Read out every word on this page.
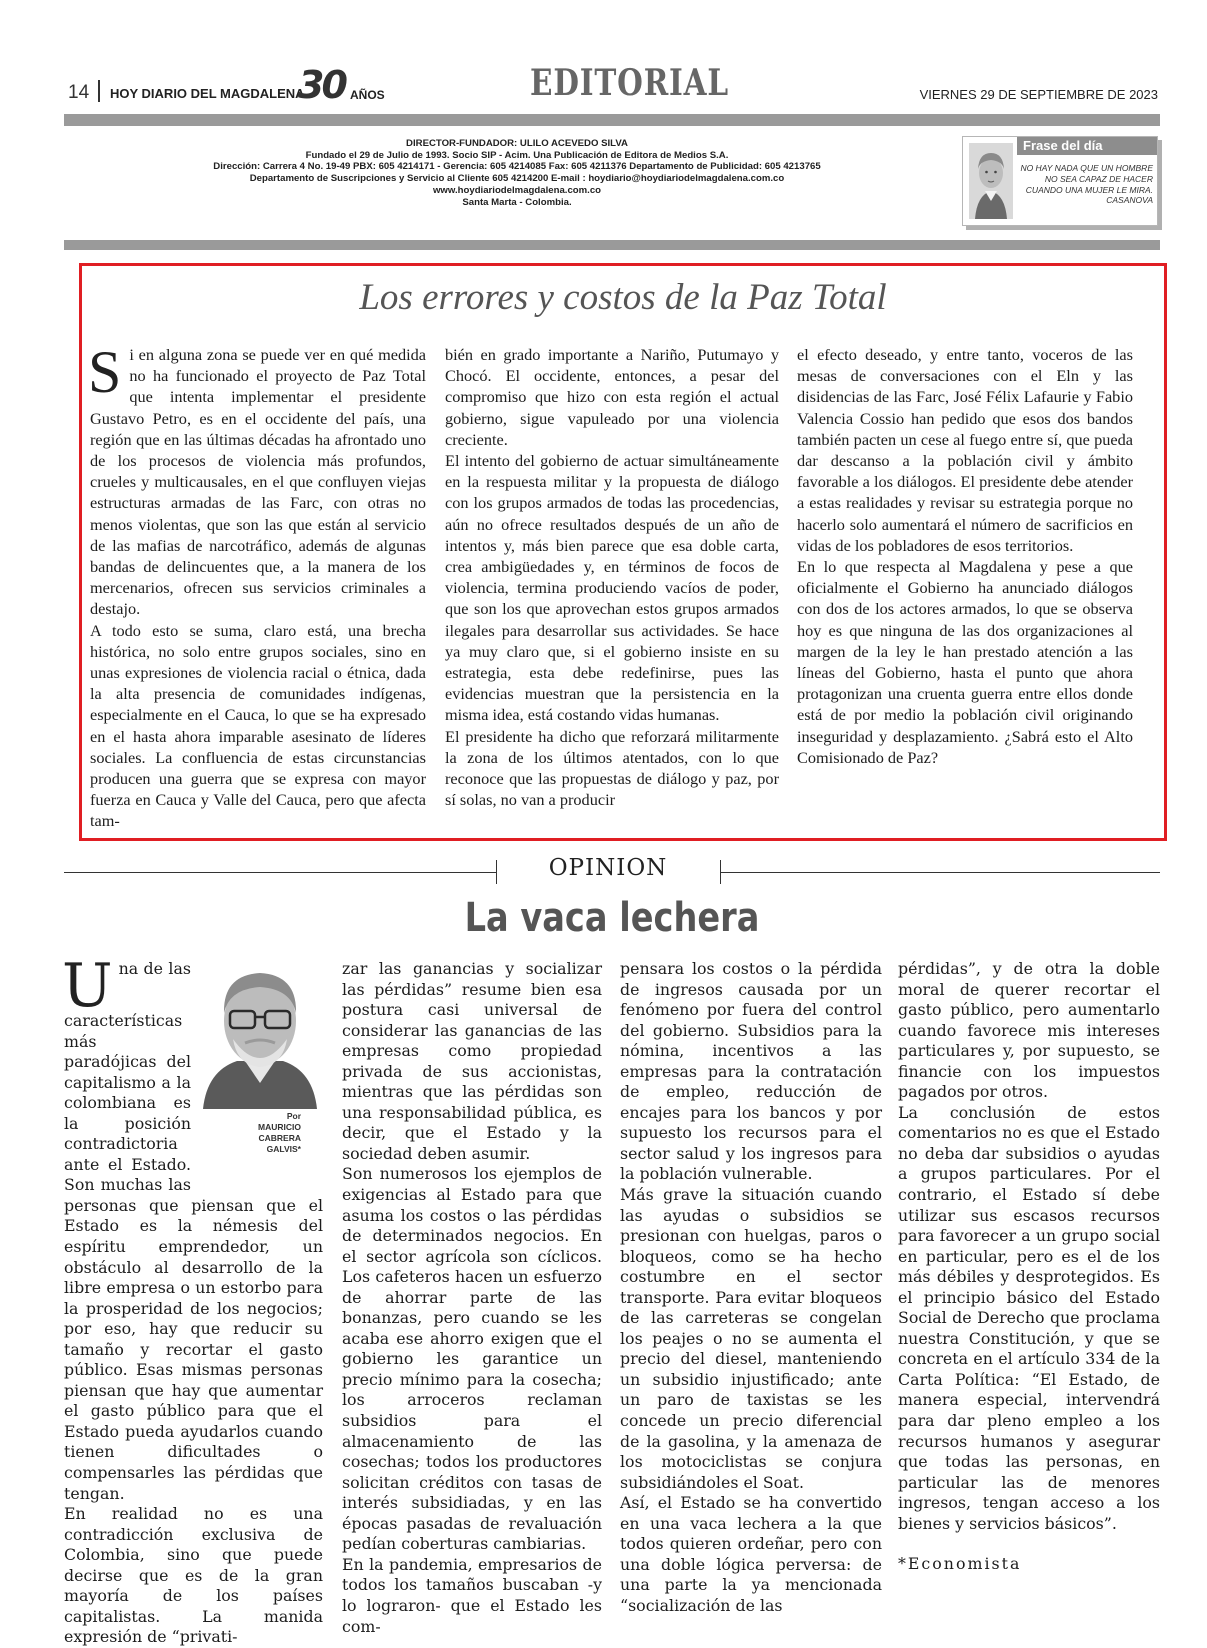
14 HOY DIARIO DEL MAGDALENA
30 AÑOS	EDITORIAL	VIERNES 29 DE SEPTIEMBRE DE 2023
DIRECTOR-FUNDADOR: ULILO ACEVEDO SILVA
Fundado el 29 de Julio de 1993. Socio SIP - Acim. Una Publicación de Editora de Medios S.A.
Dirección: Carrera 4 No. 19-49 PBX: 605 4214171 - Gerencia: 605 4214085 Fax: 605 4211376 Departamento de Publicidad: 605 4213765
Departamento de Suscripciones y Servicio al Cliente 605 4214200 E-mail : hoydiario@hoydiariodelmagdalena.com.co
www.hoydiariodelmagdalena.com.co
Santa Marta - Colombia.
Frase del día
NO HAY NADA QUE UN HOMBRE NO SEA CAPAZ DE HACER CUANDO UNA MUJER LE MIRA.
CASANOVA
Los errores y costos de la Paz Total

Si en alguna zona se puede ver en qué medida no ha funcionado el proyecto de Paz Total que intenta implementar el presidente Gustavo Petro, es en el occidente del país, una región que en las últimas décadas ha afrontado uno de los procesos de violencia más profundos, crueles y multicausales, en el que confluyen viejas estructuras armadas de las Farc, con otras no menos violentas, que son las que están al servicio de las mafias de narcotráfico, además de algunas bandas de delincuentes que, a la manera de los mercenarios, ofrecen sus servicios criminales a destajo.

A todo esto se suma, claro está, una brecha histórica, no solo entre grupos sociales, sino en unas expresiones de violencia racial o étnica, dada la alta presencia de comunidades indígenas, especialmente en el Cauca, lo que se ha expresado en el hasta ahora imparable asesinato de líderes sociales. La confluencia de estas circunstancias producen una guerra que se expresa con mayor fuerza en Cauca y Valle del Cauca, pero que afecta tam-

bién en grado importante a Nariño, Putumayo y Chocó. El occidente, entonces, a pesar del compromiso que hizo con esta región el actual gobierno, sigue vapuleado por una violencia creciente.

El intento del gobierno de actuar simultáneamente en la respuesta militar y la propuesta de diálogo con los grupos armados de todas las procedencias, aún no ofrece resultados después de un año de intentos y, más bien parece que esa doble carta, crea ambigüedades y, en términos de focos de violencia, termina produciendo vacíos de poder, que son los que aprovechan estos grupos armados ilegales para desarrollar sus actividades. Se hace ya muy claro que, si el gobierno insiste en su estrategia, esta debe redefinirse, pues las evidencias muestran que la persistencia en la misma idea, está costando vidas humanas.

El presidente ha dicho que reforzará militarmente la zona de los últimos atentados, con lo que reconoce que las propuestas de diálogo y paz, por sí solas, no van a producir

el efecto deseado, y entre tanto, voceros de las mesas de conversaciones con el Eln y las disidencias de las Farc, José Félix Lafaurie y Fabio Valencia Cossio han pedido que esos dos bandos también pacten un cese al fuego entre sí, que pueda dar descanso a la población civil y ámbito favorable a los diálogos. El presidente debe atender a estas realidades y revisar su estrategia porque no hacerlo solo aumentará el número de sacrificios en vidas de los pobladores de esos territorios.

En lo que respecta al Magdalena y pese a que oficialmente el Gobierno ha anunciado diálogos con dos de los actores armados, lo que se observa hoy es que ninguna de las dos organizaciones al margen de la ley le han prestado atención a las líneas del Gobierno, hasta el punto que ahora protagonizan una cruenta guerra entre ellos donde está de por medio la población civil originando inseguridad y desplazamiento. ¿Sabrá esto el Alto Comisionado de Paz?

OPINION
La vaca lechera
Por
MAURICIO
CABRERA
GALVIS*

Una de las características más paradójicas del capitalismo a la colombiana es la posición contradictoria ante el Estado. Son muchas las personas que piensan que el Estado es la némesis del espíritu emprendedor, un obstáculo al desarrollo de la libre empresa o un estorbo para la prosperidad de los negocios; por eso, hay que reducir su tamaño y recortar el gasto público. Esas mismas personas piensan que hay que aumentar el gasto público para que el Estado pueda ayudarlos cuando tienen dificultades o compensarles las pérdidas que tengan.

En realidad no es una contradicción exclusiva de Colombia, sino que puede decirse que es de la gran mayoría de los países capitalistas. La manida expresión de “privati-

zar las ganancias y socializar las pérdidas” resume bien esa postura casi universal de considerar las ganancias de las empresas como propiedad privada de sus accionistas, mientras que las pérdidas son una responsabilidad pública, es decir, que el Estado y la sociedad deben asumir.

Son numerosos los ejemplos de exigencias al Estado para que asuma los costos o las pérdidas de determinados negocios. En el sector agrícola son cíclicos. Los cafeteros hacen un esfuerzo de ahorrar parte de las bonanzas, pero cuando se les acaba ese ahorro exigen que el gobierno les garantice un precio mínimo para la cosecha; los arroceros reclaman subsidios para el almacenamiento de las cosechas; todos los productores solicitan créditos con tasas de interés subsidiadas, y en las épocas pasadas de revaluación pedían coberturas cambiarias.

En la pandemia, empresarios de todos los tamaños buscaban -y lo lograron- que el Estado les com-

pensara los costos o la pérdida de ingresos causada por un fenómeno por fuera del control del gobierno. Subsidios para la nómina, incentivos a las empresas para la contratación de empleo, reducción de encajes para los bancos y por supuesto los recursos para el sector salud y los ingresos para la población vulnerable.

Más grave la situación cuando las ayudas o subsidios se presionan con huelgas, paros o bloqueos, como se ha hecho costumbre en el sector transporte. Para evitar bloqueos de las carreteras se congelan los peajes o no se aumenta el precio del diesel, manteniendo un subsidio injustificado; ante un paro de taxistas se les concede un precio diferencial de la gasolina, y la amenaza de los motociclistas se conjura subsidiándoles el Soat.

Así, el Estado se ha convertido en una vaca lechera a la que todos quieren ordeñar, pero con una doble lógica perversa: de una parte la ya mencionada “socialización de las

pérdidas”, y de otra la doble moral de querer recortar el gasto público, pero aumentarlo cuando favorece mis intereses particulares y, por supuesto, se financie con los impuestos pagados por otros.

La conclusión de estos comentarios no es que el Estado no deba dar subsidios o ayudas a grupos particulares. Por el contrario, el Estado sí debe utilizar sus escasos recursos para favorecer a un grupo social en particular, pero es el de los más débiles y desprotegidos. Es el principio básico del Estado Social de Derecho que proclama nuestra Constitución, y que se concreta en el artículo 334 de la Carta Política: “El Estado, de manera especial, intervendrá para dar pleno empleo a los recursos humanos y asegurar que todas las personas, en particular las de menores ingresos, tengan acceso a los bienes y servicios básicos”.

*Economista
